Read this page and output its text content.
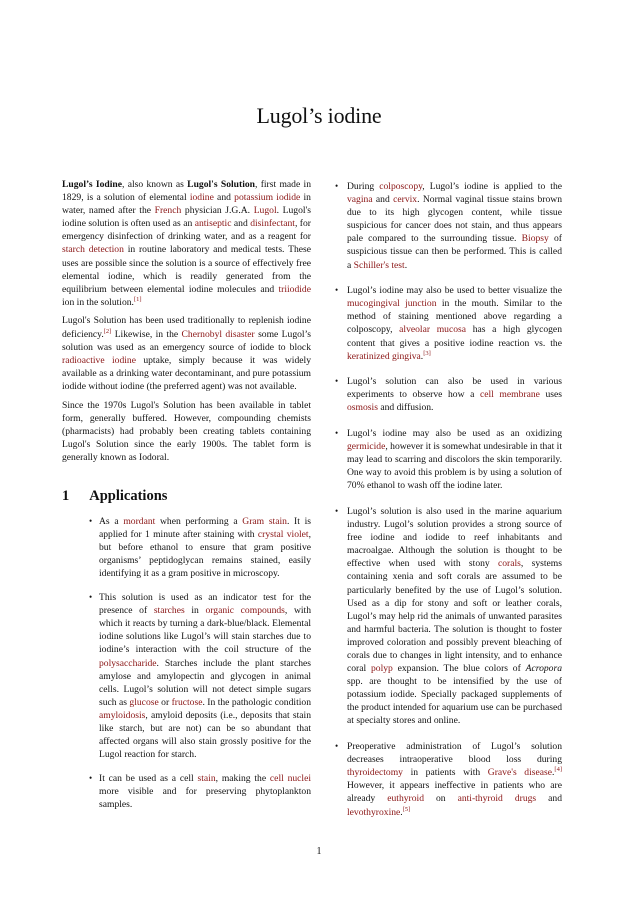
Lugol’s iodine

Lugol’s Iodine, also known as Lugol's Solution, first made in 1829, is a solution of elemental iodine and potassium iodide in water, named after the French physician J.G.A. Lugol. Lugol's iodine solution is often used as an antiseptic and disinfectant, for emergency disinfection of drinking water, and as a reagent for starch detection in routine laboratory and medical tests. These uses are possible since the solution is a source of effectively free elemental iodine, which is readily generated from the equilibrium between elemental iodine molecules and triiodide ion in the solution.[1]

Lugol's Solution has been used traditionally to replenish iodine deficiency.[2] Likewise, in the Chernobyl disaster some Lugol’s solution was used as an emergency source of iodide to block radioactive iodine uptake, simply because it was widely available as a drinking water decontaminant, and pure potassium iodide without iodine (the preferred agent) was not available.

Since the 1970s Lugol's Solution has been available in tablet form, generally buffered. However, compounding chemists (pharmacists) had probably been creating tablets containing Lugol's Solution since the early 1900s. The tablet form is generally known as Iodoral.

1 Applications
• As a mordant when performing a Gram stain. It is applied for 1 minute after staining with crystal violet, but before ethanol to ensure that gram positive organisms’ peptidoglycan remains stained, easily identifying it as a gram positive in microscopy.
• This solution is used as an indicator test for the presence of starches in organic compounds, with which it reacts by turning a dark-blue/black. Elemental iodine solutions like Lugol’s will stain starches due to iodine’s interaction with the coil structure of the polysaccharide. Starches include the plant starches amylose and amylopectin and glycogen in animal cells. Lugol’s solution will not detect simple sugars such as glucose or fructose. In the pathologic condition amyloidosis, amyloid deposits (i.e., deposits that stain like starch, but are not) can be so abundant that affected organs will also stain grossly positive for the Lugol reaction for starch.
• It can be used as a cell stain, making the cell nuclei more visible and for preserving phytoplankton samples.
• During colposcopy, Lugol’s iodine is applied to the vagina and cervix. Normal vaginal tissue stains brown due to its high glycogen content, while tissue suspicious for cancer does not stain, and thus appears pale compared to the surrounding tissue. Biopsy of suspicious tissue can then be performed. This is called a Schiller's test.
• Lugol’s iodine may also be used to better visualize the mucogingival junction in the mouth. Similar to the method of staining mentioned above regarding a colposcopy, alveolar mucosa has a high glycogen content that gives a positive iodine reaction vs. the keratinized gingiva.[3]
• Lugol’s solution can also be used in various experiments to observe how a cell membrane uses osmosis and diffusion.
• Lugol’s iodine may also be used as an oxidizing germicide, however it is somewhat undesirable in that it may lead to scarring and discolors the skin temporarily. One way to avoid this problem is by using a solution of 70% ethanol to wash off the iodine later.
• Lugol’s solution is also used in the marine aquarium industry. Lugol’s solution provides a strong source of free iodine and iodide to reef inhabitants and macroalgae. Although the solution is thought to be effective when used with stony corals, systems containing xenia and soft corals are assumed to be particularly benefited by the use of Lugol’s solution. Used as a dip for stony and soft or leather corals, Lugol’s may help rid the animals of unwanted parasites and harmful bacteria. The solution is thought to foster improved coloration and possibly prevent bleaching of corals due to changes in light intensity, and to enhance coral polyp expansion. The blue colors of Acropora spp. are thought to be intensified by the use of potassium iodide. Specially packaged supplements of the product intended for aquarium use can be purchased at specialty stores and online.
• Preoperative administration of Lugol’s solution decreases intraoperative blood loss during thyroidectomy in patients with Grave's disease.[4] However, it appears ineffective in patients who are already euthyroid on anti-thyroid drugs and levothyroxine.[5]
1
